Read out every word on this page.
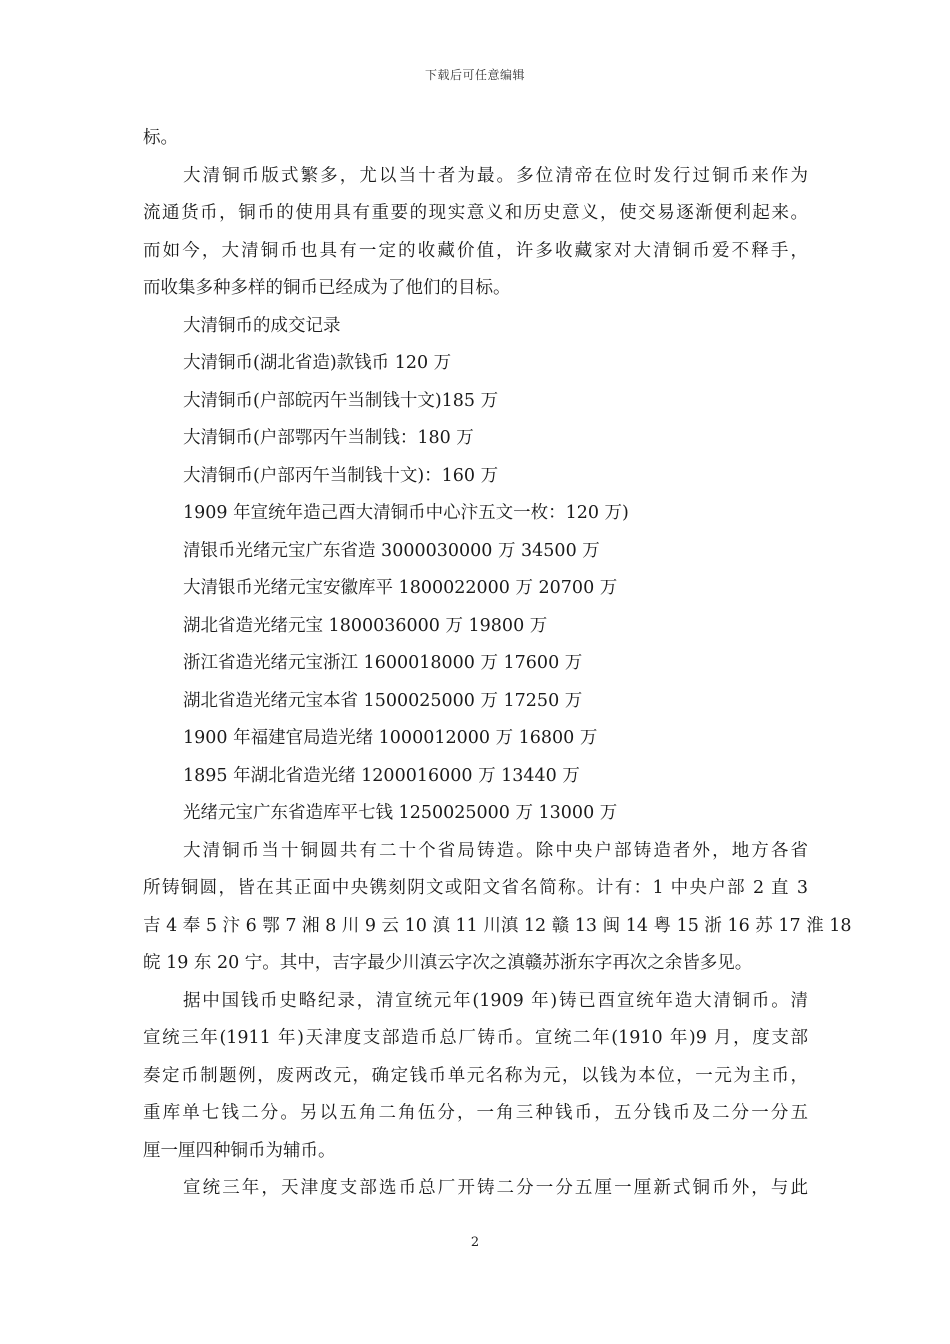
下载后可任意编辑
标。
大清铜币版式繁多，尤以当十者为最。多位清帝在位时发行过铜币来作为
流通货币，铜币的使用具有重要的现实意义和历史意义，使交易逐渐便利起来。
而如今，大清铜币也具有一定的收藏价值，许多收藏家对大清铜币爱不释手，
而收集多种多样的铜币已经成为了他们的目标。
大清铜币的成交记录
大清铜币(湖北省造)款钱币 120 万
大清铜币(户部皖丙午当制钱十文)185 万
大清铜币(户部鄂丙午当制钱：180 万
大清铜币(户部丙午当制钱十文)：160 万
1909 年宣统年造己酉大清铜币中心汴五文一枚：120 万)
清银币光绪元宝广东省造 3000030000 万 34500 万
大清银币光绪元宝安徽库平 1800022000 万 20700 万
湖北省造光绪元宝 1800036000 万 19800 万
浙江省造光绪元宝浙江 1600018000 万 17600 万
湖北省造光绪元宝本省 1500025000 万 17250 万
1900 年福建官局造光绪 1000012000 万 16800 万
1895 年湖北省造光绪 1200016000 万 13440 万
光绪元宝广东省造库平七钱 1250025000 万 13000 万
大清铜币当十铜圆共有二十个省局铸造。除中央户部铸造者外，地方各省
所铸铜圆，皆在其正面中央镌刻阴文或阳文省名简称。计有：1 中央户部 2 直 3
吉 4 奉 5 汴 6 鄂 7 湘 8 川 9 云 10 滇 11 川滇 12 赣 13 闽 14 粤 15 浙 16 苏 17 淮 18
皖 19 东 20 宁。其中，吉字最少川滇云字次之滇赣苏浙东字再次之余皆多见。
据中国钱币史略纪录，清宣统元年(1909 年)铸已酉宣统年造大清铜币。清
宣统三年(1911 年)天津度支部造币总厂铸币。宣统二年(1910 年)9 月，度支部
奏定币制题例，废两改元，确定钱币单元名称为元，以钱为本位，一元为主币，
重库单七钱二分。另以五角二角伍分，一角三种钱币，五分钱币及二分一分五
厘一厘四种铜币为辅币。
宣统三年，天津度支部选币总厂开铸二分一分五厘一厘新式铜币外，与此
2
